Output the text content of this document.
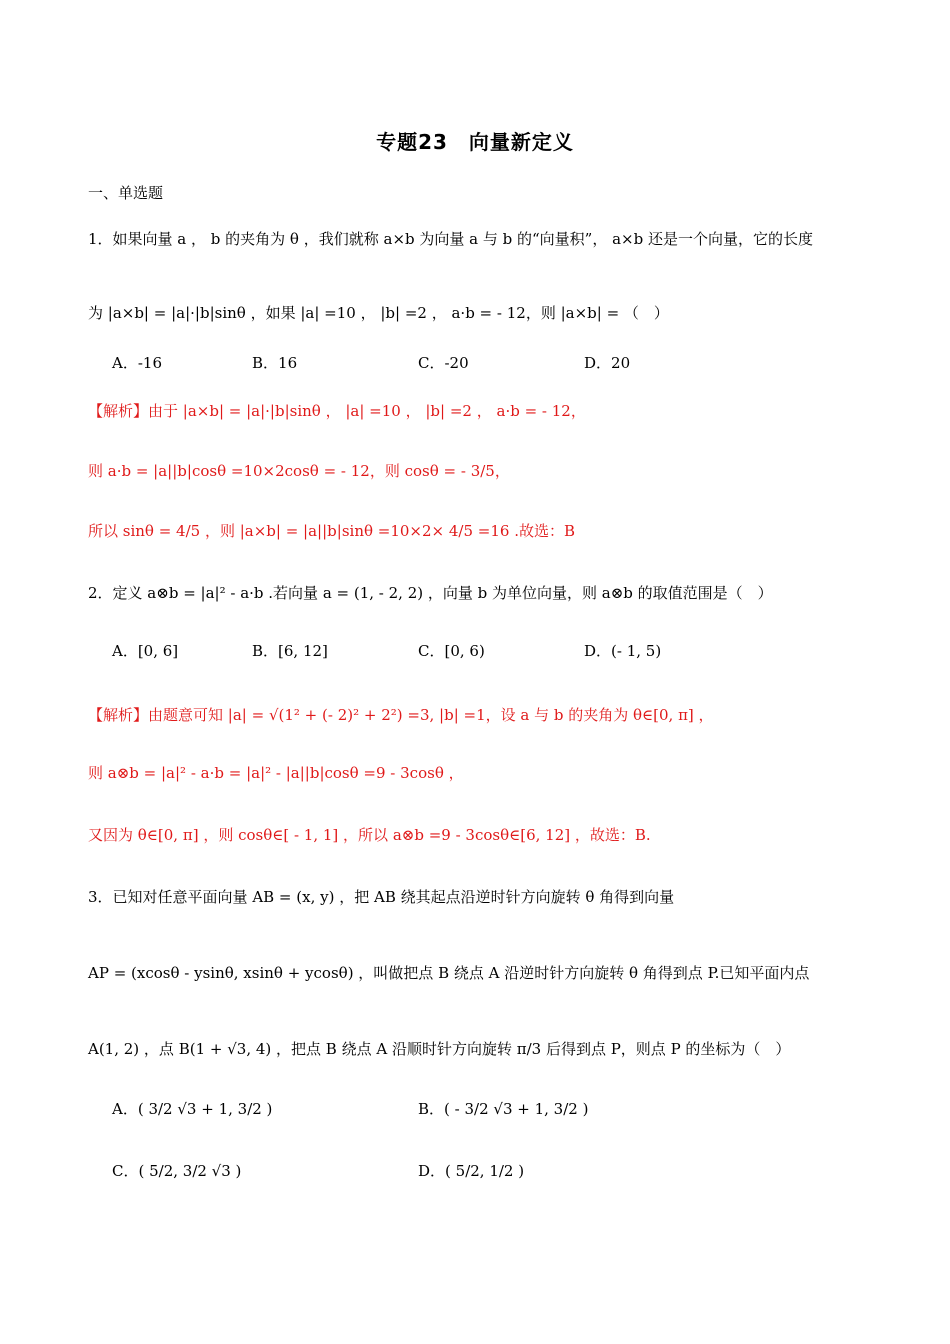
专题23　向量新定义
一、单选题
1．如果向量 a ， b 的夹角为 θ ，我们就称 a×b 为向量 a 与 b 的“向量积”， a×b 还是一个向量，它的长度
为 |a×b| = |a|·|b|sinθ ，如果 |a| =10 ， |b| =2 ， a·b = - 12，则 |a×b| = （　）
A．-16	B．16	C．-20	D．20
【解析】由于 |a×b| = |a|·|b|sinθ ， |a| =10 ， |b| =2 ， a·b = - 12，
则 a·b = |a||b|cosθ =10×2cosθ = - 12，则 cosθ = - 3/5，
所以 sinθ = 4/5 ，则 |a×b| = |a||b|sinθ =10×2× 4/5 =16 .故选：B
2．定义 a⊗b = |a|² - a·b .若向量 a = (1, - 2, 2) ，向量 b 为单位向量，则 a⊗b 的取值范围是（　）
A．[0, 6]	B．[6, 12]	C．[0, 6)	D．(- 1, 5)
【解析】由题意可知 |a| = √(1² + (- 2)² + 2²) =3, |b| =1，设 a 与 b 的夹角为 θ∈[0, π] ，
则 a⊗b = |a|² - a·b = |a|² - |a||b|cosθ =9 - 3cosθ ，
又因为 θ∈[0, π] ，则 cosθ∈[ - 1, 1] ，所以 a⊗b =9 - 3cosθ∈[6, 12] ，故选：B.
3．已知对任意平面向量 AB = (x, y) ，把 AB 绕其起点沿逆时针方向旋转 θ 角得到向量
AP = (xcosθ - ysinθ, xsinθ + ycosθ) ，叫做把点 B 绕点 A 沿逆时针方向旋转 θ 角得到点 P.已知平面内点
A(1, 2) ，点 B(1 + √3, 4) ，把点 B 绕点 A 沿顺时针方向旋转 π/3 后得到点 P，则点 P 的坐标为（　）
A．( 3/2 √3 + 1, 3/2 )	B．( - 3/2 √3 + 1, 3/2 )
C．( 5/2, 3/2 √3 )	D．( 5/2, 1/2 )
